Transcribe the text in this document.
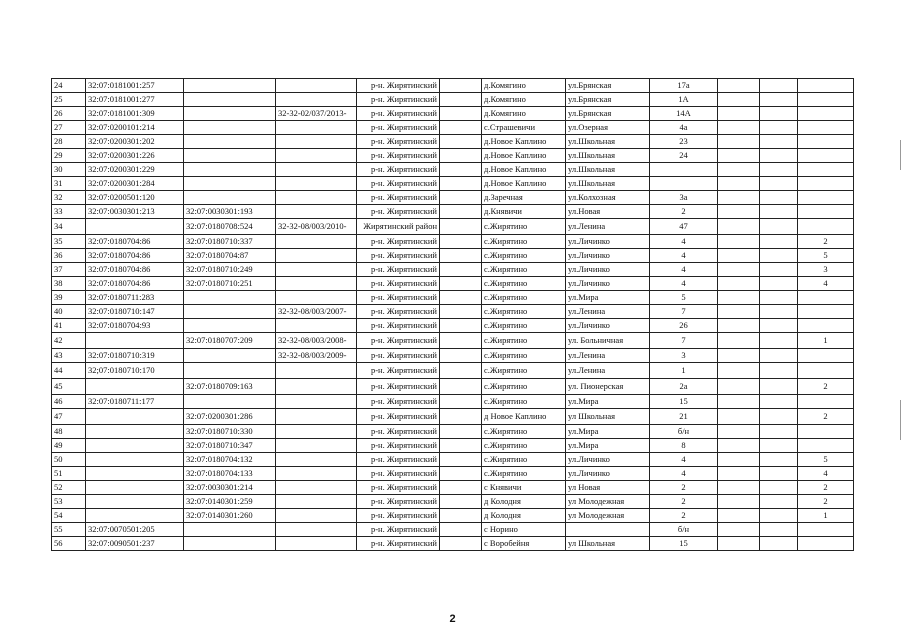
24	32:07:0181001:257			р-н. Жирятинский		д.Комягино	ул.Брянская	17а			
25	32:07:0181001:277			р-н. Жирятинский		д.Комягино	ул.Брянская	1А			
26	32:07:0181001:309		32-32-02/037/2013-	р-н. Жирятинский		д.Комягино	ул.Брянская	14А			
27	32:07:0200101:214			р-н. Жирятинский		с.Страшевичи	ул.Озерная	4а			
28	32:07:0200301:202			р-н. Жирятинский		д.Новое Каплино	ул.Школьная	23			
29	32:07:0200301:226			р-н. Жирятинский		д.Новое Каплино	ул.Школьная	24			
30	32:07:0200301:229			р-н. Жирятинский		д.Новое Каплино	ул.Школьная				
31	32:07:0200301:284			р-н. Жирятинский		д.Новое Каплино	ул.Школьная				
32	32:07:0200501:120			р-н. Жирятинский		д.Заречная	ул.Колхозная	3а			
33	32:07:0030301:213	32:07:0030301:193		р-н. Жирятинский		д.Княвичи	ул.Новая	2			
34		32:07:0180708:524	32-32-08/003/2010-	Жирятинский район		с.Жирятино	ул.Ленина	47			
35	32:07:0180704:86	32:07:0180710:337		р-н. Жирятинский		с.Жирятино	ул.Личинко	4			2
36	32:07:0180704:86	32:07:0180704:87		р-н. Жирятинский		с.Жирятино	ул.Личинко	4			5
37	32:07:0180704:86	32:07:0180710:249		р-н. Жирятинский		с.Жирятино	ул.Личинко	4			3
38	32:07:0180704:86	32:07:0180710:251		р-н. Жирятинский		с.Жирятино	ул.Личинко	4			4
39	32:07:0180711:283			р-н. Жирятинский		с.Жирятино	ул.Мира	5			
40	32:07:0180710:147		32-32-08/003/2007-	р-н. Жирятинский		с.Жирятино	ул.Ленина	7			
41	32:07:0180704:93			р-н. Жирятинский		с.Жирятино	ул.Личинко	26			
42		32:07:0180707:209	32-32-08/003/2008-	р-н. Жирятинский		с.Жирятино	ул. Больничная	7			1
43	32:07:0180710:319		32-32-08/003/2009-	р-н. Жирятинский		с.Жирятино	ул.Ленина	3			
44	32;07:0180710:170			р-н. Жирятинский		с.Жирятино	ул.Ленина	1			
45		32:07:0180709:163		р-н. Жирятинский		с.Жирятино	ул. Пионерская	2а			2
46	32:07:0180711:177			р-н. Жирятинский		с.Жирятино	ул.Мира	15			
47		32:07:0200301:286		р-н. Жирятинский		д Новое Каплино	ул Школьная	21			2
48		32:07:0180710:330		р-н. Жирятинский		с.Жирятино	ул.Мира	б/н			
49		32:07:0180710:347		р-н. Жирятинский		с.Жирятино	ул.Мира	8			
50		32:07:0180704:132		р-н. Жирятинский		с.Жирятино	ул.Личинко	4			5
51		32:07:0180704:133		р-н. Жирятинский		с.Жирятино	ул.Личинко	4			4
52		32:07:0030301:214		р-н. Жирятинский		с Княвичи	ул Новая	2			2
53		32:07:0140301:259		р-н. Жирятинский		д Колодня	ул Молодежная	2			2
54		32:07:0140301:260		р-н. Жирятинский		д Колодня	ул Молодежная	2			1
55	32:07:0070501:205			р-н. Жирятинский		с Норино		б/н			
56	32:07:0090501:237			р-н. Жирятинский		с Воробейня	ул Школьная	15			
2
